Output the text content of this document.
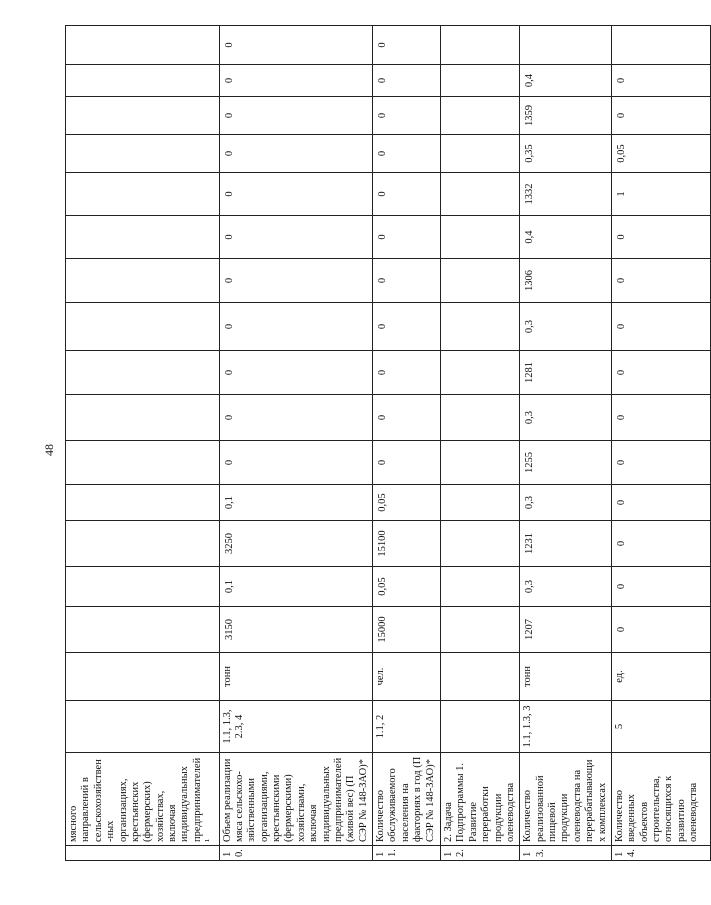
48
	мясного направлений в сельскохозяйствен-ных организациях, крестьянских (фермерских) хозяйствах, включая индивидуальных предпринимателей¹																	
10.	Объем реализации мяса сельскохо-зяйственными организациями, крестьянскими (фермерскими) хозяйствами, включая индивидуальных предпринимателей (живой вес) (П СЭР № 148-ЗАО)*	1.1, 1.3, 2.3, 4	тонн	3150	0,1	3250	0,1	0	0	0	0	0	0	0	0	0	0	0
11.	Количество обслуживаемого населения на факториях в год (П СЭР № 148-ЗАО)*	1.1, 2	чел.	15000	0,05	15100	0,05	0	0	0	0	0	0	0	0	0	0	0
12.	2. Задача Подпрограммы 1. Развитие переработки продукции оленеводства																	
13.	Количество реализованной пищевой продукции оленеводства на перерабатывающих комплексах	1.1, 1.3, 3	тонн	1207	0,3	1231	0,3	1255	0,3	1281	0,3	1306	0,4	1332	0,35	1359	0,4	
14.	Количество введенных объектов строительства, относящихся к развитию оленеводства	5	ед.	0	0	0	0	0	0	0	0	0	0	1	0,05	0	0	
